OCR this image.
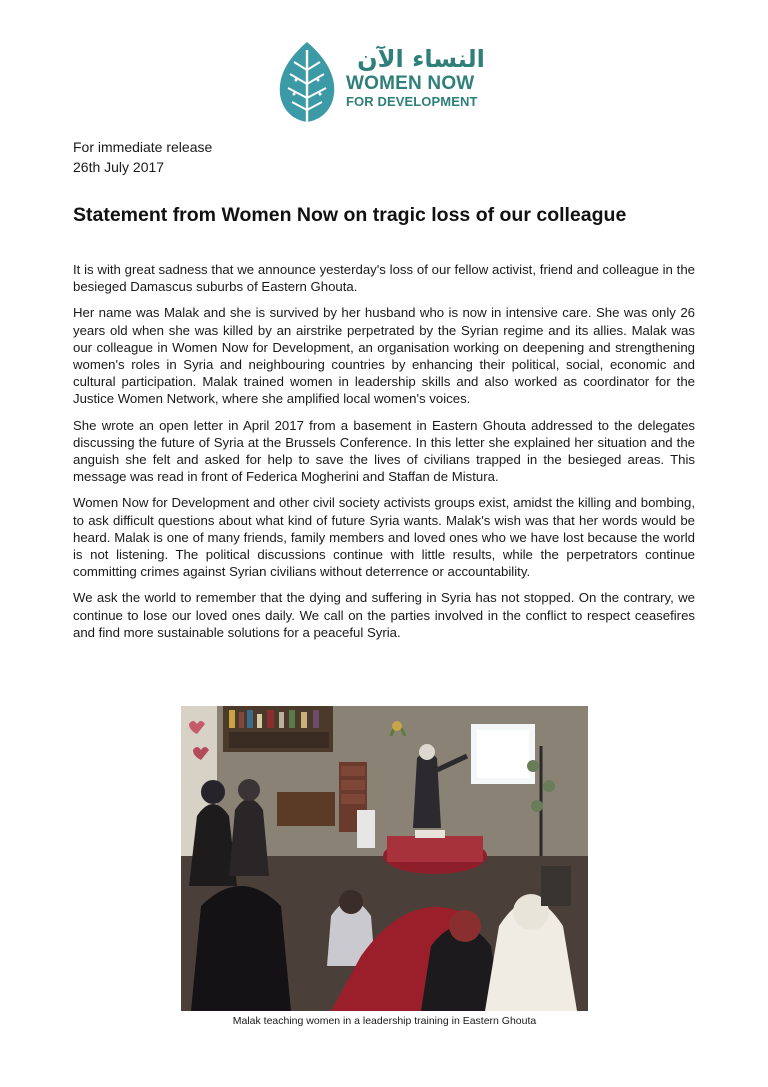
النساء الآن
WOMEN NOW
FOR DEVELOPMENT
For immediate release
26th July 2017
Statement from Women Now on tragic loss of our colleague

It is with great sadness that we announce yesterday's loss of our fellow activist, friend and colleague in the besieged Damascus suburbs of Eastern Ghouta.

Her name was Malak and she is survived by her husband who is now in intensive care. She was only 26 years old when she was killed by an airstrike perpetrated by the Syrian regime and its allies. Malak was our colleague in Women Now for Development, an organisation working on deepening and strengthening women's roles in Syria and neighbouring countries by enhancing their political, social, economic and cultural participation. Malak trained women in leadership skills and also worked as coordinator for the Justice Women Network, where she amplified local women's voices.

She wrote an open letter in April 2017 from a basement in Eastern Ghouta addressed to the delegates discussing the future of Syria at the Brussels Conference. In this letter she explained her situation and the anguish she felt and asked for help to save the lives of civilians trapped in the besieged areas. This message was read in front of Federica Mogherini and Staffan de Mistura.

Women Now for Development and other civil society activists groups exist, amidst the killing and bombing, to ask difficult questions about what kind of future Syria wants. Malak's wish was that her words would be heard. Malak is one of many friends, family members and loved ones who we have lost because the world is not listening. The political discussions continue with little results, while the perpetrators continue committing crimes against Syrian civilians without deterrence or accountability.

We ask the world to remember that the dying and suffering in Syria has not stopped. On the contrary, we continue to lose our loved ones daily. We call on the parties involved in the conflict to respect ceasefires and find more sustainable solutions for a peaceful Syria.

Malak teaching women in a leadership training in Eastern Ghouta
